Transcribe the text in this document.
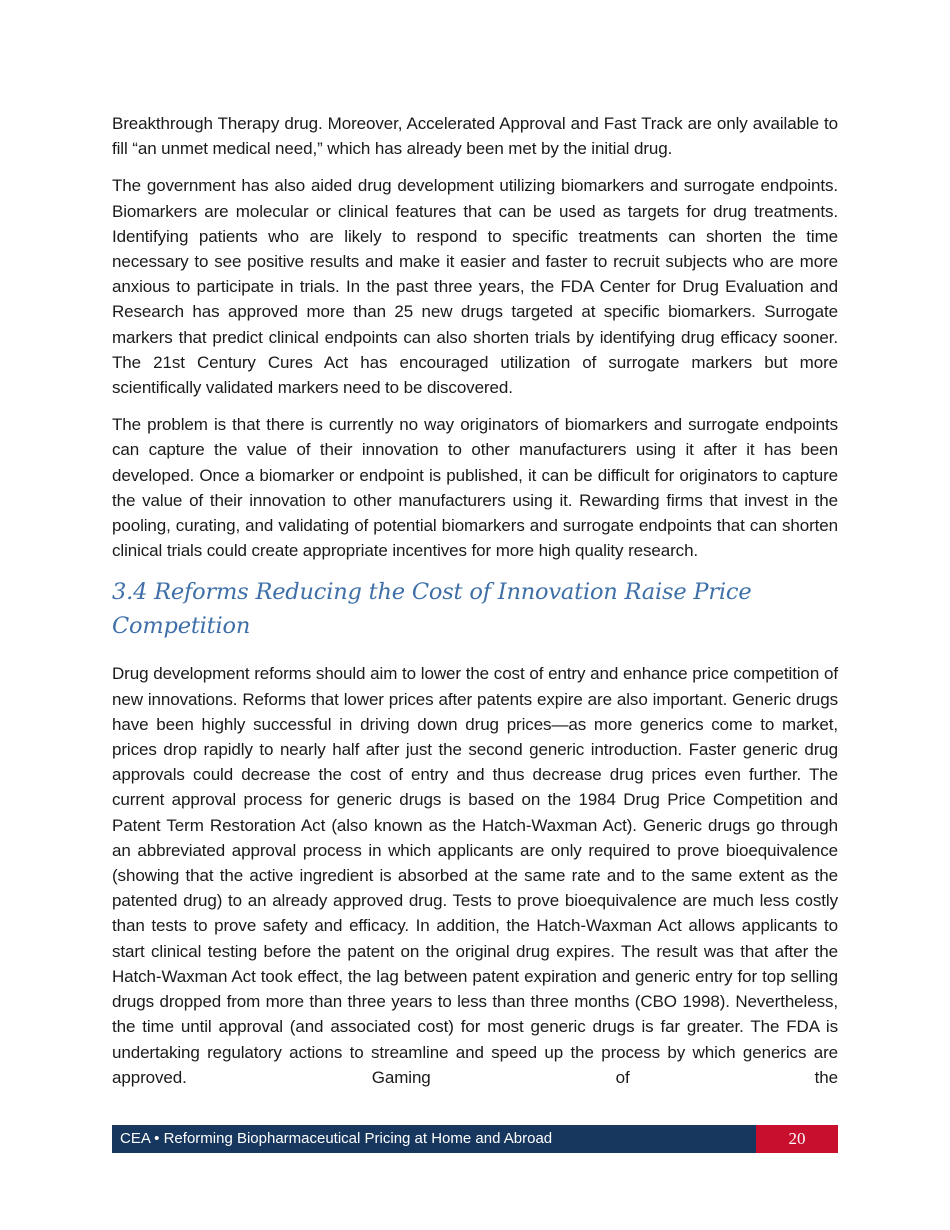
Breakthrough Therapy drug. Moreover, Accelerated Approval and Fast Track are only available to fill “an unmet medical need,” which has already been met by the initial drug.

The government has also aided drug development utilizing biomarkers and surrogate endpoints. Biomarkers are molecular or clinical features that can be used as targets for drug treatments. Identifying patients who are likely to respond to specific treatments can shorten the time necessary to see positive results and make it easier and faster to recruit subjects who are more anxious to participate in trials. In the past three years, the FDA Center for Drug Evaluation and Research has approved more than 25 new drugs targeted at specific biomarkers. Surrogate markers that predict clinical endpoints can also shorten trials by identifying drug efficacy sooner. The 21st Century Cures Act has encouraged utilization of surrogate markers but more scientifically validated markers need to be discovered.

The problem is that there is currently no way originators of biomarkers and surrogate endpoints can capture the value of their innovation to other manufacturers using it after it has been developed. Once a biomarker or endpoint is published, it can be difficult for originators to capture the value of their innovation to other manufacturers using it. Rewarding firms that invest in the pooling, curating, and validating of potential biomarkers and surrogate endpoints that can shorten clinical trials could create appropriate incentives for more high quality research.

3.4 Reforms Reducing the Cost of Innovation Raise Price Competition

Drug development reforms should aim to lower the cost of entry and enhance price competition of new innovations. Reforms that lower prices after patents expire are also important. Generic drugs have been highly successful in driving down drug prices—as more generics come to market, prices drop rapidly to nearly half after just the second generic introduction. Faster generic drug approvals could decrease the cost of entry and thus decrease drug prices even further. The current approval process for generic drugs is based on the 1984 Drug Price Competition and Patent Term Restoration Act (also known as the Hatch-Waxman Act). Generic drugs go through an abbreviated approval process in which applicants are only required to prove bioequivalence (showing that the active ingredient is absorbed at the same rate and to the same extent as the patented drug) to an already approved drug. Tests to prove bioequivalence are much less costly than tests to prove safety and efficacy. In addition, the Hatch-Waxman Act allows applicants to start clinical testing before the patent on the original drug expires. The result was that after the Hatch-Waxman Act took effect, the lag between patent expiration and generic entry for top selling drugs dropped from more than three years to less than three months (CBO 1998). Nevertheless, the time until approval (and associated cost) for most generic drugs is far greater. The FDA is undertaking regulatory actions to streamline and speed up the process by which generics are approved. Gaming of the

CEA • Reforming Biopharmaceutical Pricing at Home and Abroad	20
